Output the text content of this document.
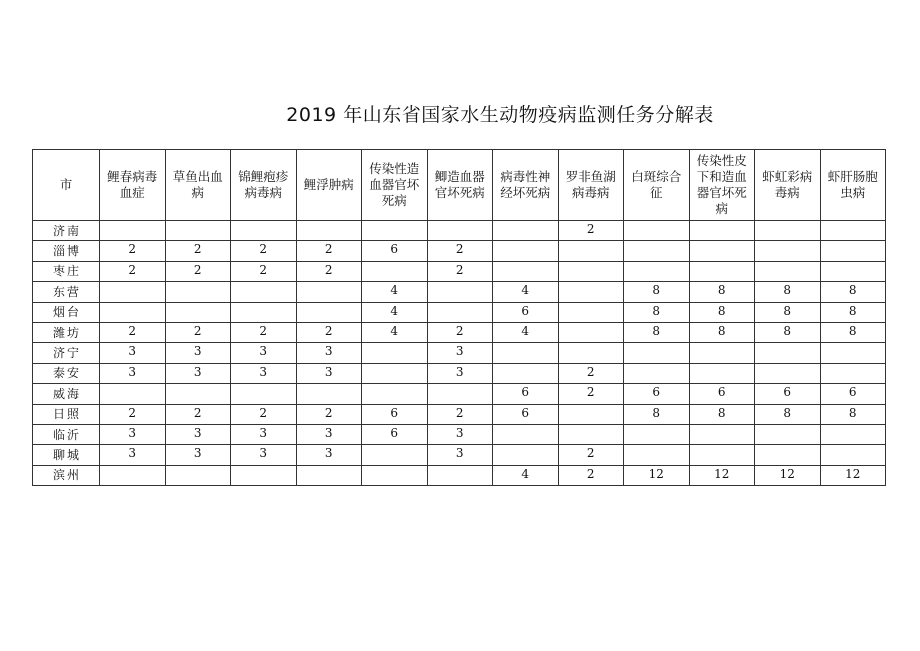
2019 年山东省国家水生动物疫病监测任务分解表
市	鲤春病毒血症	草鱼出血病	锦鲤疱疹病毒病	鲤浮肿病	传染性造血器官坏死病	鲫造血器官坏死病	病毒性神经坏死病	罗非鱼湖病毒病	白斑综合征	传染性皮下和造血器官坏死病	虾虹彩病毒病	虾肝肠胞虫病
济南								2				
淄博	2	2	2	2	6	2						
枣庄	2	2	2	2		2						
东营					4		4		8	8	8	8
烟台					4		6		8	8	8	8
潍坊	2	2	2	2	4	2	4		8	8	8	8
济宁	3	3	3	3		3						
泰安	3	3	3	3		3		2				
威海							6	2	6	6	6	6
日照	2	2	2	2	6	2	6		8	8	8	8
临沂	3	3	3	3	6	3						
聊城	3	3	3	3		3		2				
滨州							4	2	12	12	12	12
